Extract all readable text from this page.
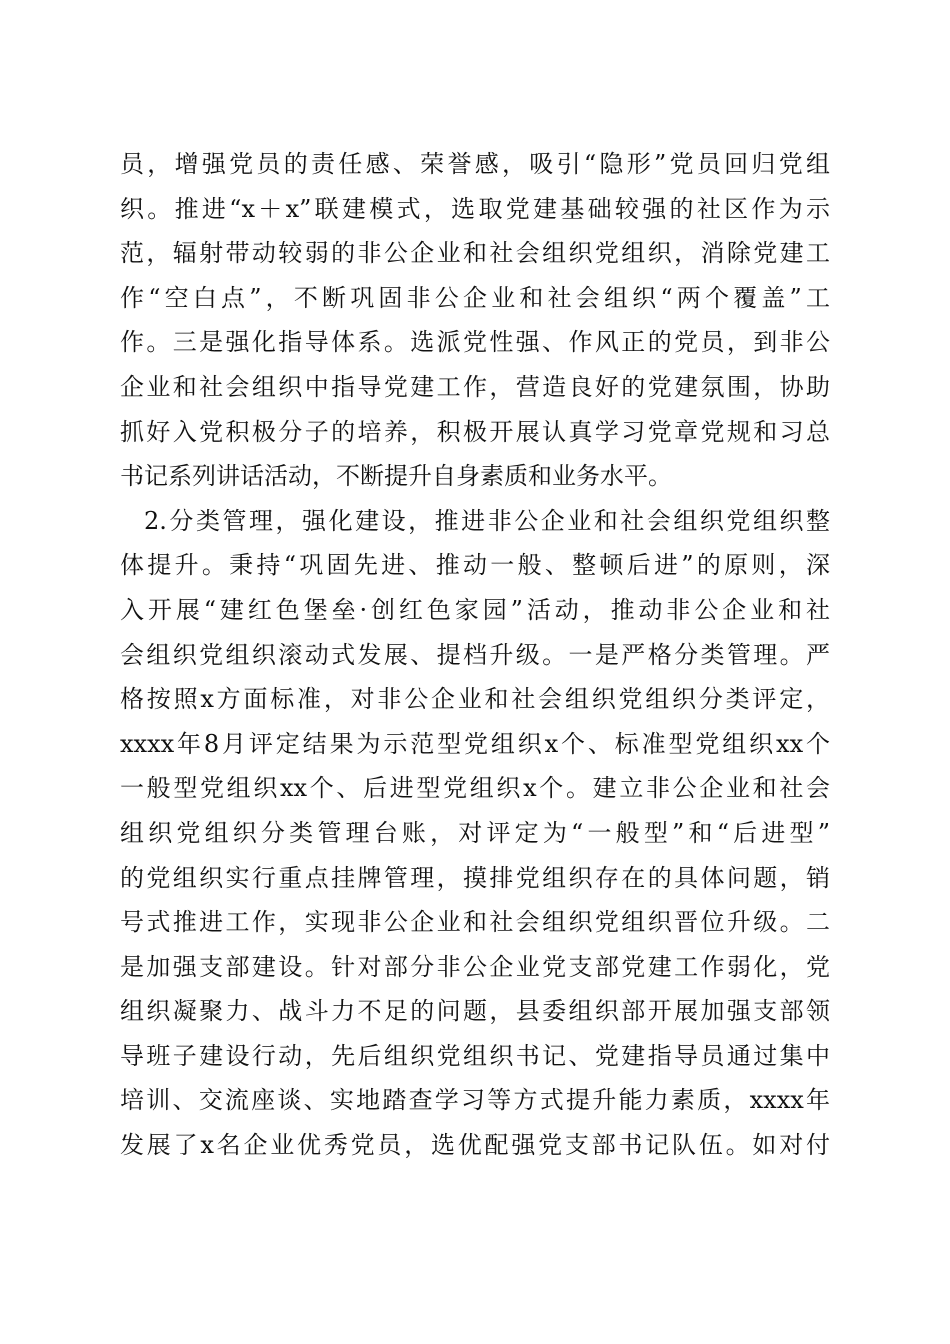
员，增强党员的责任感、荣誉感，吸引“隐形”党员回归党组
织。推进“x＋x”联建模式，选取党建基础较强的社区作为示
范，辐射带动较弱的非公企业和社会组织党组织，消除党建工
作“空白点”，不断巩固非公企业和社会组织“两个覆盖”工
作。三是强化指导体系。选派党性强、作风正的党员，到非公
企业和社会组织中指导党建工作，营造良好的党建氛围，协助
抓好入党积极分子的培养，积极开展认真学习党章党规和习总
书记系列讲话活动，不断提升自身素质和业务水平。
2.分类管理，强化建设，推进非公企业和社会组织党组织整
体提升。秉持“巩固先进、推动一般、整顿后进”的原则，深
入开展“建红色堡垒·创红色家园”活动，推动非公企业和社
会组织党组织滚动式发展、提档升级。一是严格分类管理。严
格按照x方面标准，对非公企业和社会组织党组织分类评定，
xxxx年8月评定结果为示范型党组织x个、标准型党组织xx个
一般型党组织xx个、后进型党组织x个。建立非公企业和社会
组织党组织分类管理台账，对评定为“一般型”和“后进型”
的党组织实行重点挂牌管理，摸排党组织存在的具体问题，销
号式推进工作，实现非公企业和社会组织党组织晋位升级。二
是加强支部建设。针对部分非公企业党支部党建工作弱化，党
组织凝聚力、战斗力不足的问题，县委组织部开展加强支部领
导班子建设行动，先后组织党组织书记、党建指导员通过集中
培训、交流座谈、实地踏查学习等方式提升能力素质，xxxx年
发展了x名企业优秀党员，选优配强党支部书记队伍。如对付
